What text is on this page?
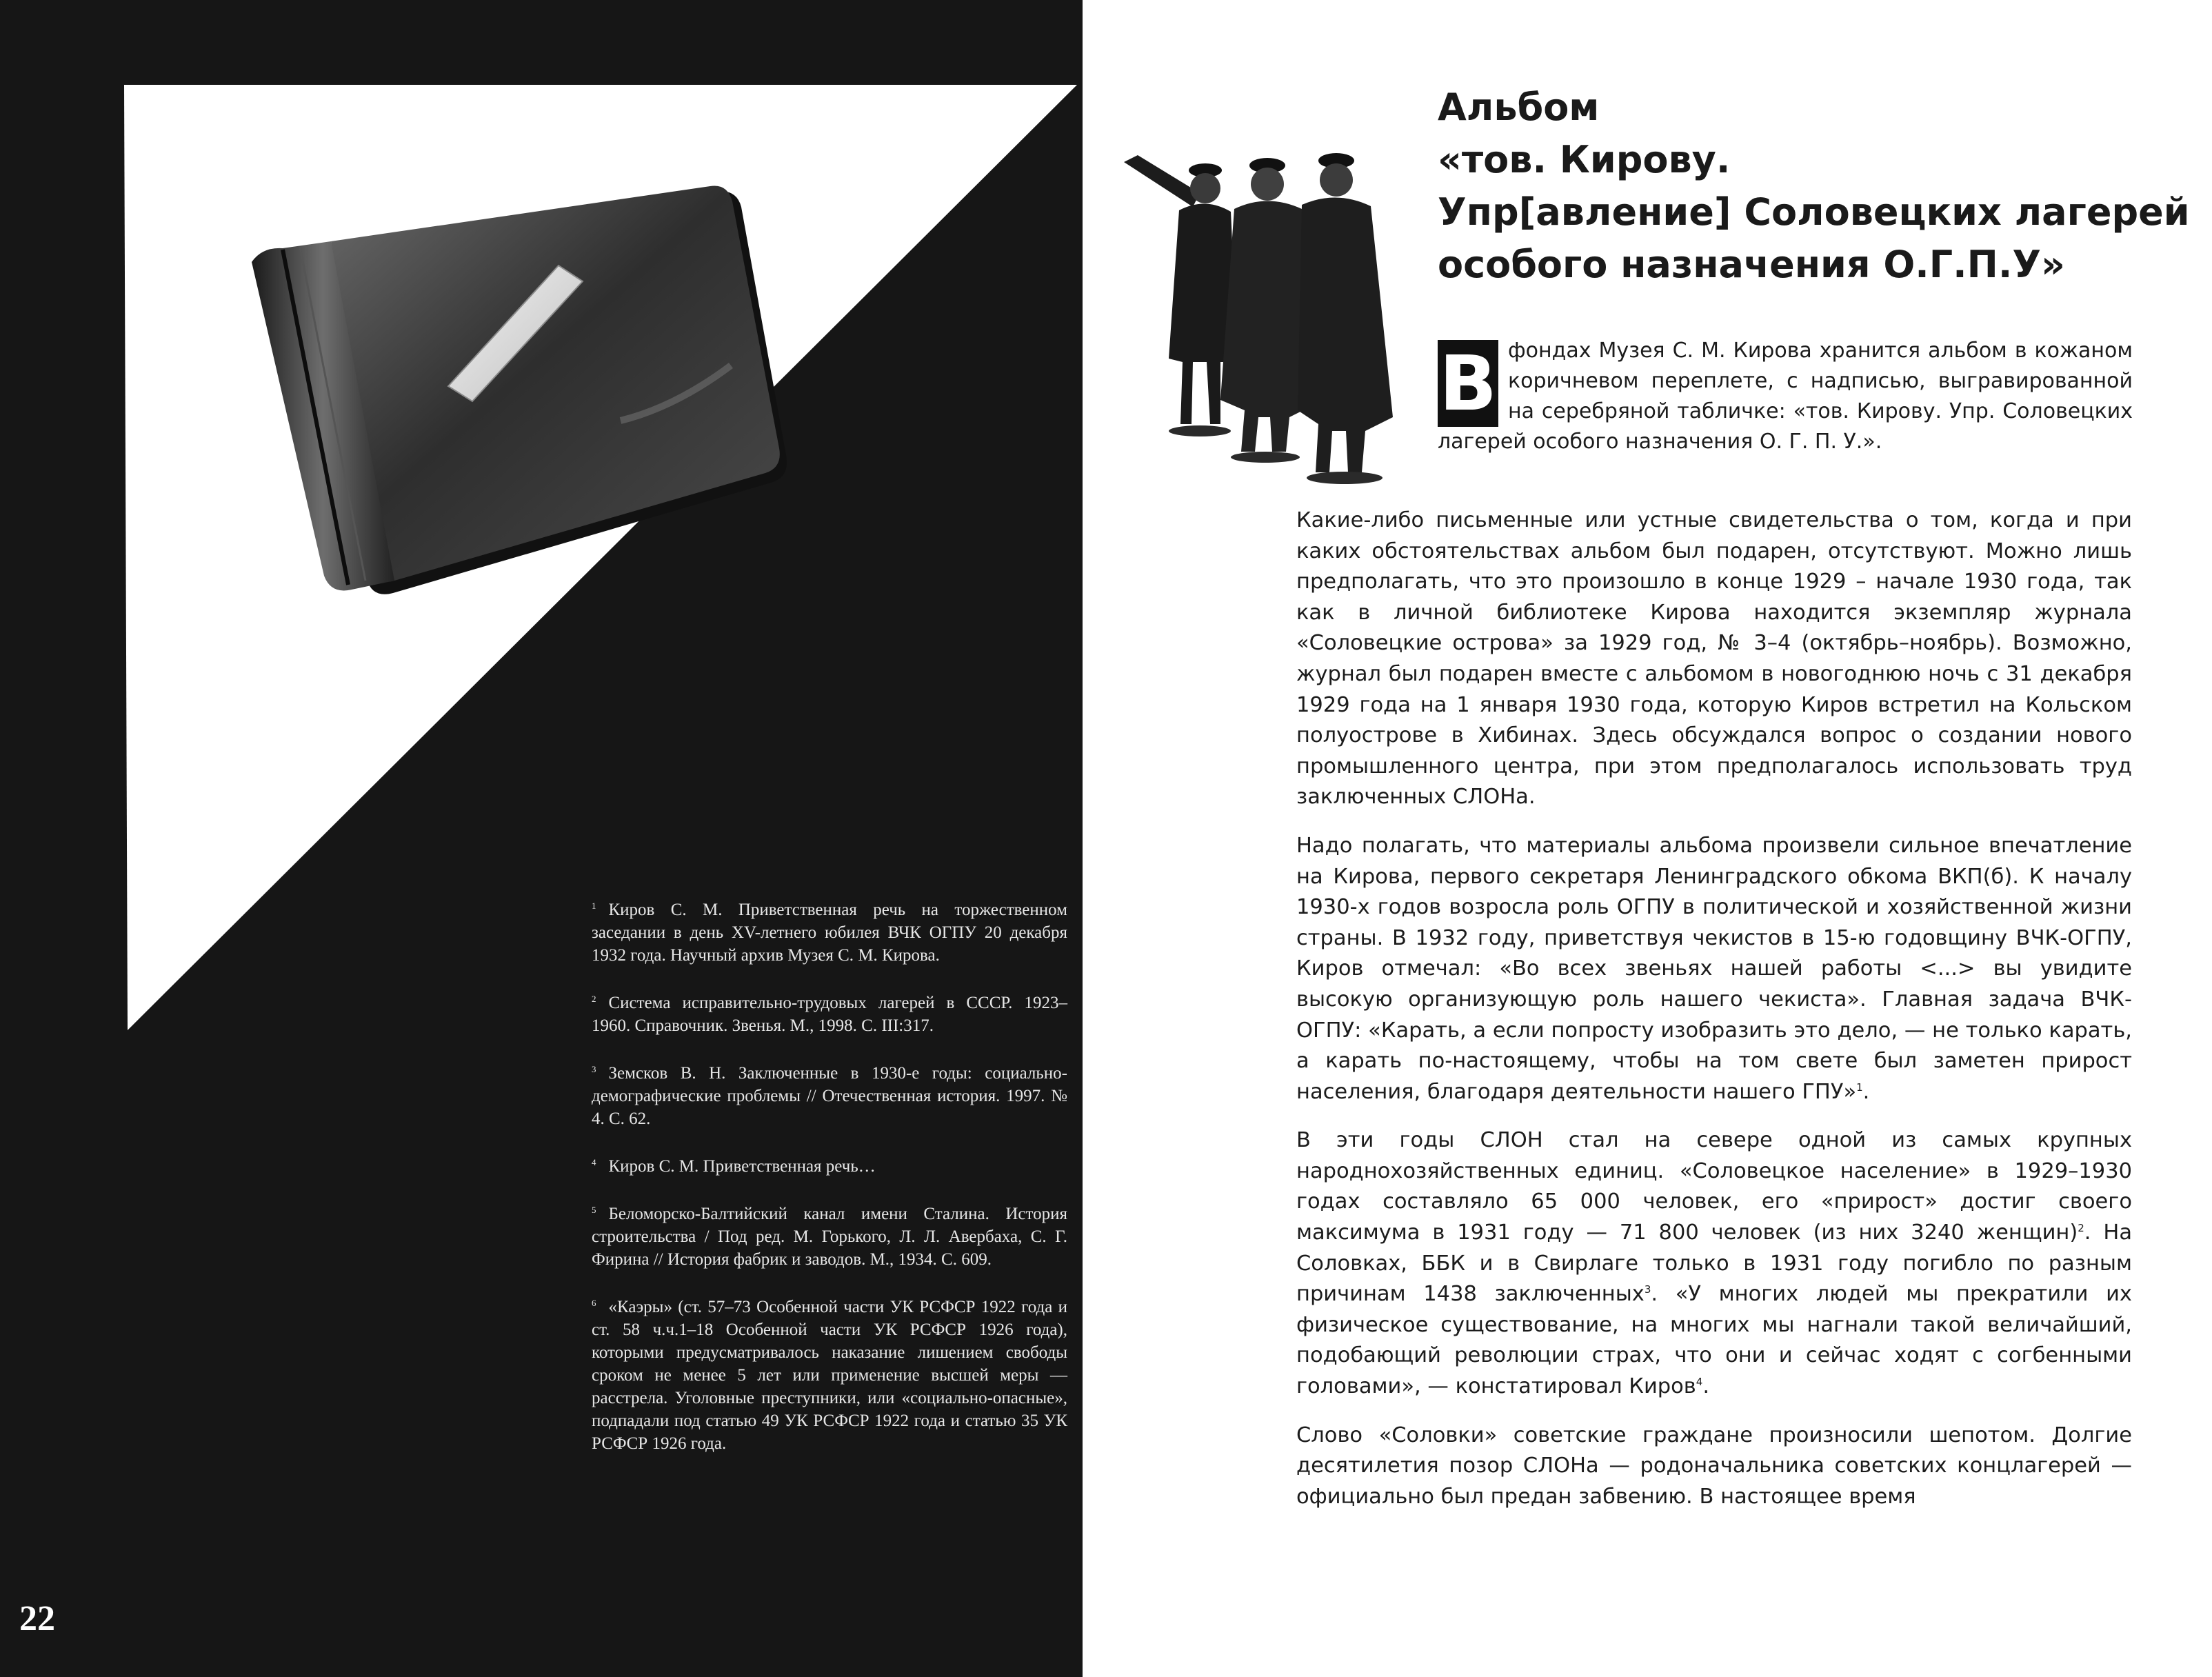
$^1$ Киров С. М. Приветственная речь на торжественном заседании в день XV-летнего юбилея ВЧК ОГПУ 20 декабря 1932 года. Научный архив Музея С. М. Кирова.
$^2$ Система исправительно-трудовых лагерей в СССР. 1923–1960. Справочник. Звенья. М., 1998. С. III:317.
$^3$ Земсков В. Н. Заключенные в 1930-е годы: социально-демографические проблемы // Отечественная история. 1997. № 4. С. 62.
$^4$ Киров С. М. Приветственная речь…
$^5$ Беломорско-Балтийский канал имени Сталина. История строительства / Под ред. М. Горького, Л. Л. Авербаха, С. Г. Фирина // История фабрик и заводов. М., 1934. С. 609.
$^6$ «Каэры» (ст. 57–73 Особенной части УК РСФСР 1922 года и ст. 58 ч.ч.1–18 Особенной части УК РСФСР 1926 года), которыми предусматривалось наказание лишением свободы сроком не менее 5 лет или применение высшей меры — расстрела. Уголовные преступники, или «социально-опасные», подпадали под статью 49 УК РСФСР 1922 года и статью 35 УК РСФСР 1926 года.
22
Альбом
«тов. Кирову.
Упр[авление] Соловецких лагерей
особого назначения О.Г.П.У»
В фондах Музея С. М. Кирова хранится альбом в кожаном коричневом переплете, с надписью, выгравированной на серебряной табличке: «тов. Кирову. Упр. Соловецких лагерей особого назначения О. Г. П. У.».

Какие-либо письменные или устные свидетельства о том, когда и при каких обстоятельствах альбом был подарен, отсутствуют. Можно лишь предполагать, что это произошло в конце 1929 – начале 1930 года, так как в личной библиотеке Кирова находится экземпляр журнала «Соловецкие острова» за 1929 год, № 3–4 (октябрь–ноябрь). Возможно, журнал был подарен вместе с альбомом в новогоднюю ночь с 31 декабря 1929 года на 1 января 1930 года, которую Киров встретил на Кольском полуострове в Хибинах. Здесь обсуждался вопрос о создании нового промышленного центра, при этом предполагалось использовать труд заключенных СЛОНа.

Надо полагать, что материалы альбома произвели сильное впечатление на Кирова, первого секретаря Ленинградского обкома ВКП(б). К началу 1930-х годов возросла роль ОГПУ в политической и хозяйственной жизни страны. В 1932 году, приветствуя чекистов в 15-ю годовщину ВЧК-ОГПУ, Киров отмечал: «Во всех звеньях нашей работы <...> вы увидите высокую организующую роль нашего чекиста». Главная задача ВЧК-ОГПУ: «Карать, а если попросту изобразить это дело, — не только карать, а карать по-настоящему, чтобы на том свете был заметен прирост населения, благодаря деятельности нашего ГПУ»$^1$.

В эти годы СЛОН стал на севере одной из самых крупных народнохозяйственных единиц. «Соловецкое население» в 1929–1930 годах составляло 65 000 человек, его «прирост» достиг своего максимума в 1931 году — 71 800 человек (из них 3240 женщин)$^2$. На Соловках, ББК и в Свирлаге только в 1931 году погибло по разным причинам 1438 заключенных$^3$. «У многих людей мы прекратили их физическое существование, на многих мы нагнали такой величайший, подобающий революции страх, что они и сейчас ходят с согбенными головами», — констатировал Киров$^4$.

Слово «Соловки» советские граждане произносили шепотом. Долгие десятилетия позор СЛОНа — родоначальника советских концлагерей — официально был предан забвению. В настоящее время
